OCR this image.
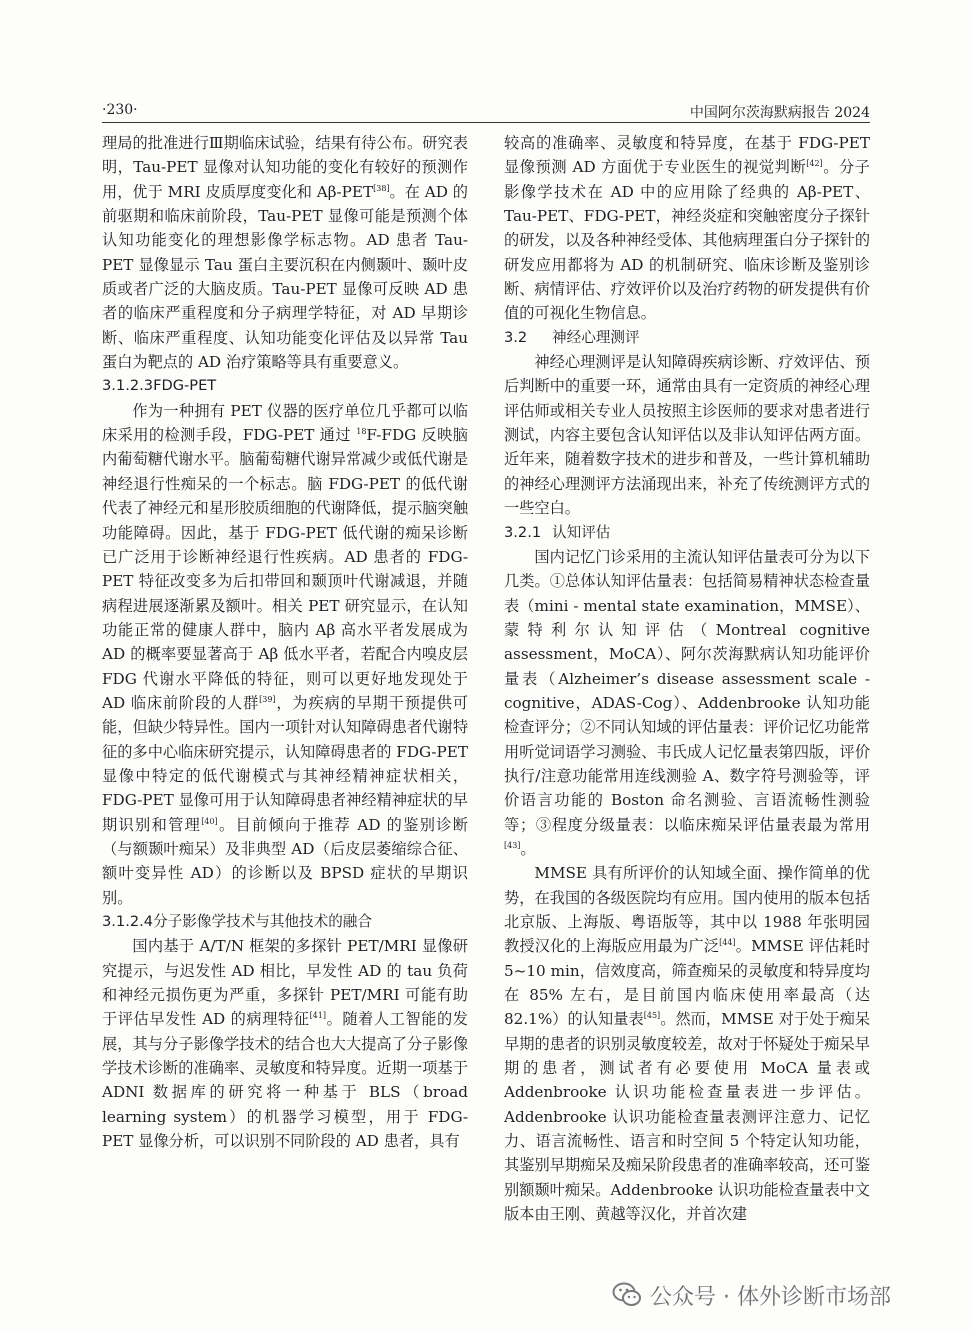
·230·	中国阿尔茨海默病报告 2024

理局的批准进行Ⅲ期临床试验，结果有待公布。研究表明，Tau-PET 显像对认知功能的变化有较好的预测作用，优于 MRI 皮质厚度变化和 Aβ-PET[38]。在 AD 的前驱期和临床前阶段，Tau-PET 显像可能是预测个体认知功能变化的理想影像学标志物。AD 患者 Tau-PET 显像显示 Tau 蛋白主要沉积在内侧颞叶、颞叶皮质或者广泛的大脑皮质。Tau-PET 显像可反映 AD 患者的临床严重程度和分子病理学特征，对 AD 早期诊断、临床严重程度、认知功能变化评估及以异常 Tau 蛋白为靶点的 AD 治疗策略等具有重要意义。

3.1.2.3FDG-PET

作为一种拥有 PET 仪器的医疗单位几乎都可以临床采用的检测手段，FDG-PET 通过 $^{18}$F-FDG 反映脑内葡萄糖代谢水平。脑葡萄糖代谢异常减少或低代谢是神经退行性痴呆的一个标志。脑 FDG-PET 的低代谢代表了神经元和星形胶质细胞的代谢降低，提示脑突触功能障碍。因此，基于 FDG-PET 低代谢的痴呆诊断已广泛用于诊断神经退行性疾病。AD 患者的 FDG-PET 特征改变多为后扣带回和颞顶叶代谢减退，并随病程进展逐渐累及额叶。相关 PET 研究显示，在认知功能正常的健康人群中，脑内 Aβ 高水平者发展成为 AD 的概率要显著高于 Aβ 低水平者，若配合内嗅皮层 FDG 代谢水平降低的特征，则可以更好地发现处于 AD 临床前阶段的人群[39]，为疾病的早期干预提供可能，但缺少特异性。国内一项针对认知障碍患者代谢特征的多中心临床研究提示，认知障碍患者的 FDG-PET 显像中特定的低代谢模式与其神经精神症状相关，FDG-PET 显像可用于认知障碍患者神经精神症状的早期识别和管理[40]。目前倾向于推荐 AD 的鉴别诊断（与额颞叶痴呆）及非典型 AD（后皮层萎缩综合征、额叶变异性 AD）的诊断以及 BPSD 症状的早期识别。

3.1.2.4分子影像学技术与其他技术的融合

国内基于 A/T/N 框架的多探针 PET/MRI 显像研究提示，与迟发性 AD 相比，早发性 AD 的 tau 负荷和神经元损伤更为严重，多探针 PET/MRI 可能有助于评估早发性 AD 的病理特征[41]。随着人工智能的发展，其与分子影像学技术的结合也大大提高了分子影像学技术诊断的准确率、灵敏度和特异度。近期一项基于 ADNI 数据库的研究将一种基于 BLS（broad learning system）的机器学习模型，用于 FDG-PET 显像分析，可以识别不同阶段的 AD 患者，具有

较高的准确率、灵敏度和特异度，在基于 FDG-PET 显像预测 AD 方面优于专业医生的视觉判断[42]。分子影像学技术在 AD 中的应用除了经典的 Aβ-PET、Tau-PET、FDG-PET，神经炎症和突触密度分子探针的研发，以及各种神经受体、其他病理蛋白分子探针的研发应用都将为 AD 的机制研究、临床诊断及鉴别诊断、病情评估、疗效评价以及治疗药物的研发提供有价值的可视化生物信息。

3.2 神经心理测评

神经心理测评是认知障碍疾病诊断、疗效评估、预后判断中的重要一环，通常由具有一定资质的神经心理评估师或相关专业人员按照主诊医师的要求对患者进行测试，内容主要包含认知评估以及非认知评估两方面。近年来，随着数字技术的进步和普及，一些计算机辅助的神经心理测评方法涌现出来，补充了传统测评方式的一些空白。

3.2.1 认知评估

国内记忆门诊采用的主流认知评估量表可分为以下几类。①总体认知评估量表：包括简易精神状态检查量表（mini - mental state examination，MMSE）、蒙特利尔认知评估（Montreal cognitive assessment，MoCA）、阿尔茨海默病认知功能评价量表（Alzheimer’s disease assessment scale - cognitive，ADAS-Cog）、Addenbrooke 认知功能检查评分；②不同认知域的评估量表：评价记忆功能常用听觉词语学习测验、韦氏成人记忆量表第四版，评价执行/注意功能常用连线测验 A、数字符号测验等，评价语言功能的 Boston 命名测验、言语流畅性测验等；③程度分级量表：以临床痴呆评估量表最为常用[43]。

MMSE 具有所评价的认知域全面、操作简单的优势，在我国的各级医院均有应用。国内使用的版本包括北京版、上海版、粤语版等，其中以 1988 年张明园教授汉化的上海版应用最为广泛[44]。MMSE 评估耗时 5~10 min，信效度高，筛查痴呆的灵敏度和特异度均在 85% 左右，是目前国内临床使用率最高（达 82.1%）的认知量表[45]。然而，MMSE 对于处于痴呆早期的患者的识别灵敏度较差，故对于怀疑处于痴呆早期的患者，测试者有必要使用 MoCA 量表或 Addenbrooke 认识功能检查量表进一步评估。Addenbrooke 认识功能检查量表测评注意力、记忆力、语言流畅性、语言和时空间 5 个特定认知功能，其鉴别早期痴呆及痴呆阶段患者的准确率较高，还可鉴别额颞叶痴呆。Addenbrooke 认识功能检查量表中文版本由王刚、黄越等汉化，并首次建

公众号 · 体外诊断市场部
